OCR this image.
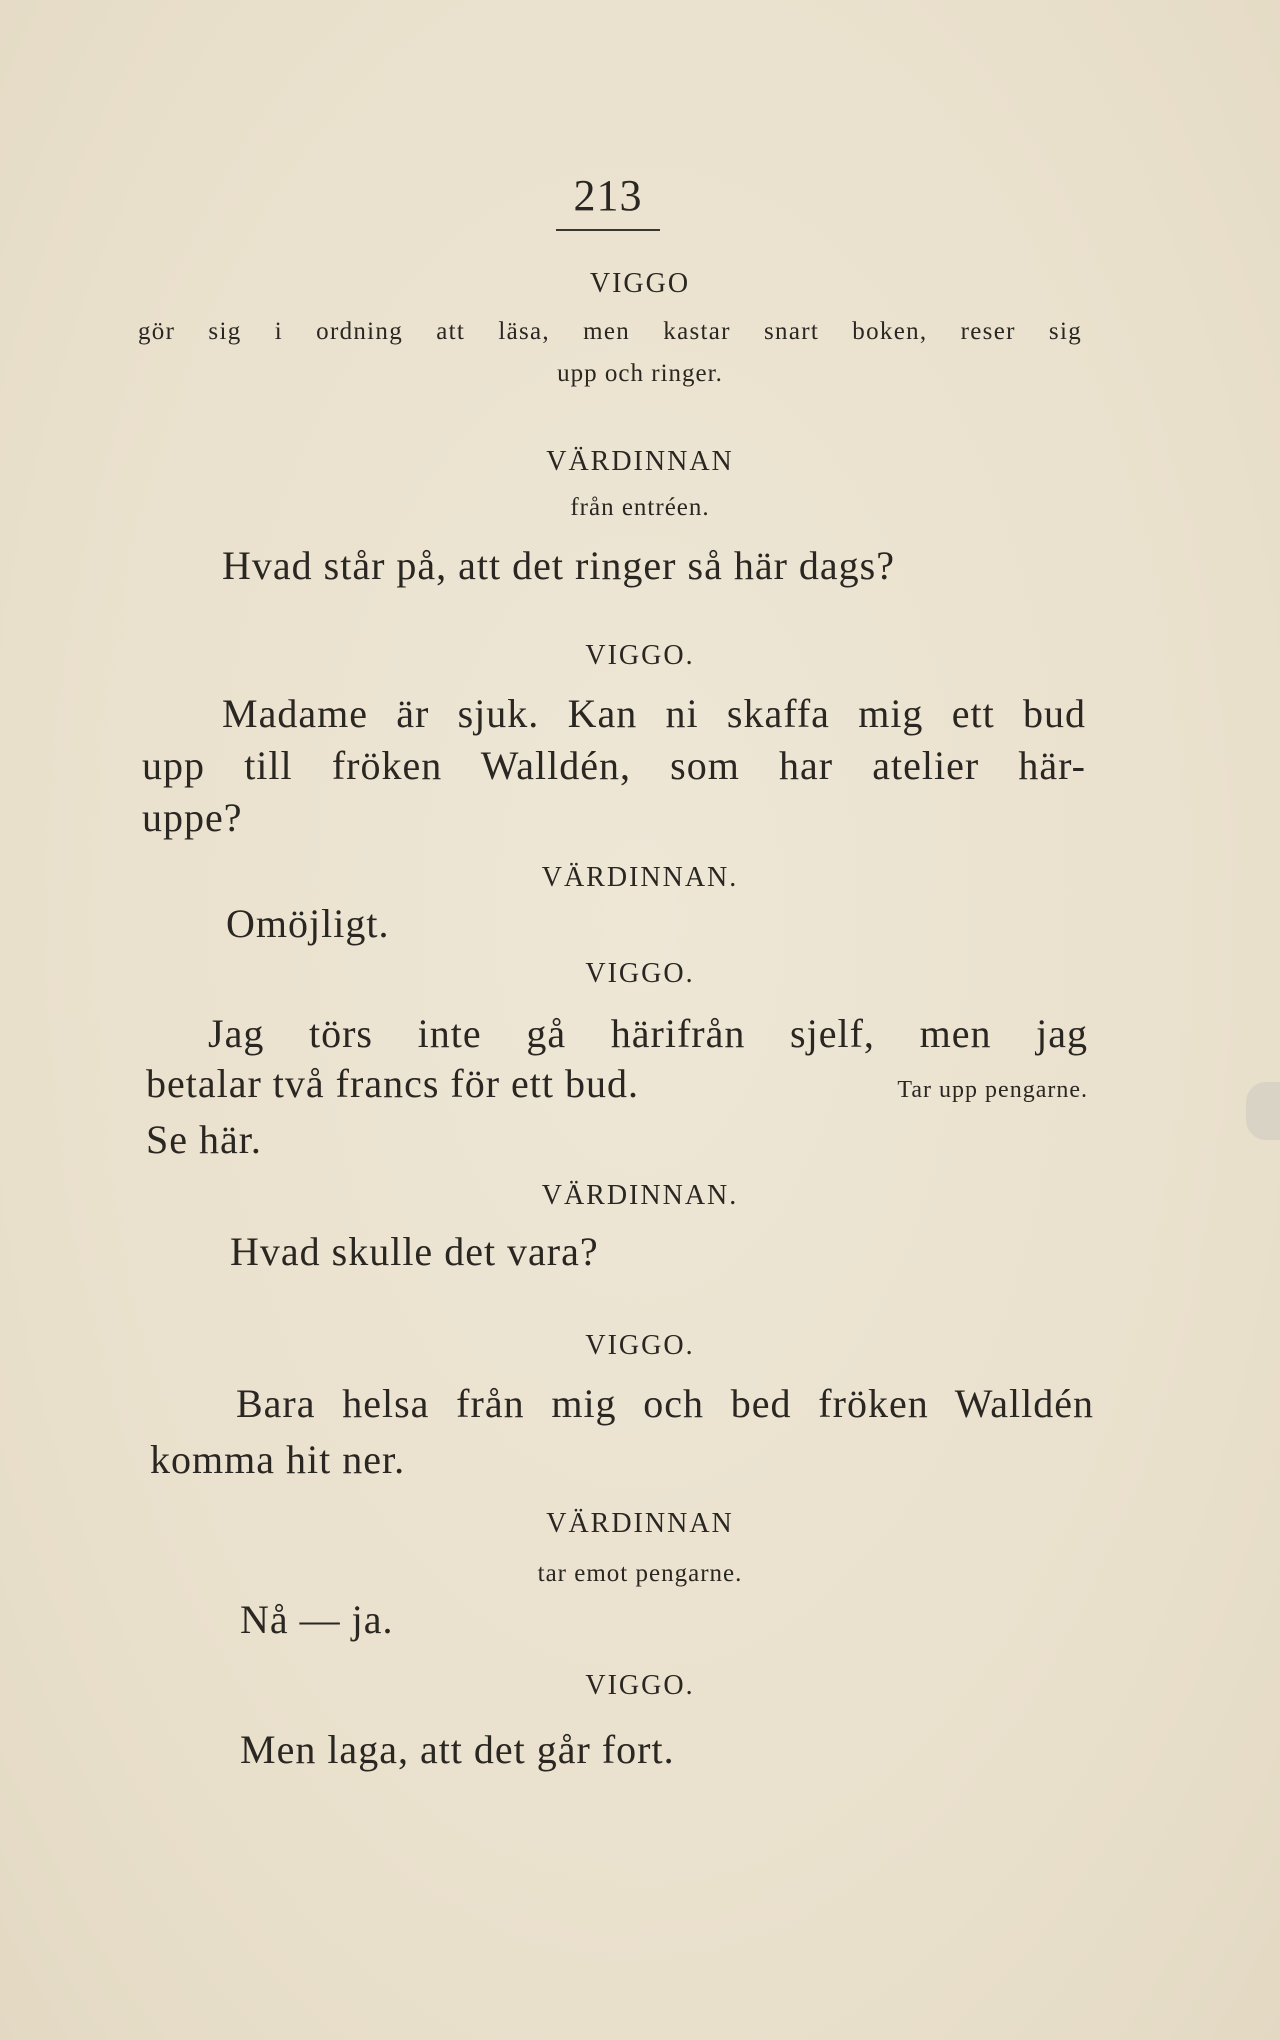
213
VIGGO
gör sig i ordning att läsa, men kastar snart boken, reser sig
upp och ringer.
VÄRDINNAN
från entréen.
Hvad står på, att det ringer så här dags?
VIGGO.
Madame är sjuk. Kan ni skaffa mig ett bud
upp till fröken Walldén, som har atelier här-
uppe?
VÄRDINNAN.
Omöjligt.
VIGGO.
Jag törs inte gå härifrån sjelf, men jag
betalar två francs för ett bud.	Tar upp pengarne.
Se här.
VÄRDINNAN.
Hvad skulle det vara?
VIGGO.
Bara helsa från mig och bed fröken Walldén
komma hit ner.
VÄRDINNAN
tar emot pengarne.
Nå — ja.
VIGGO.
Men laga, att det går fort.
